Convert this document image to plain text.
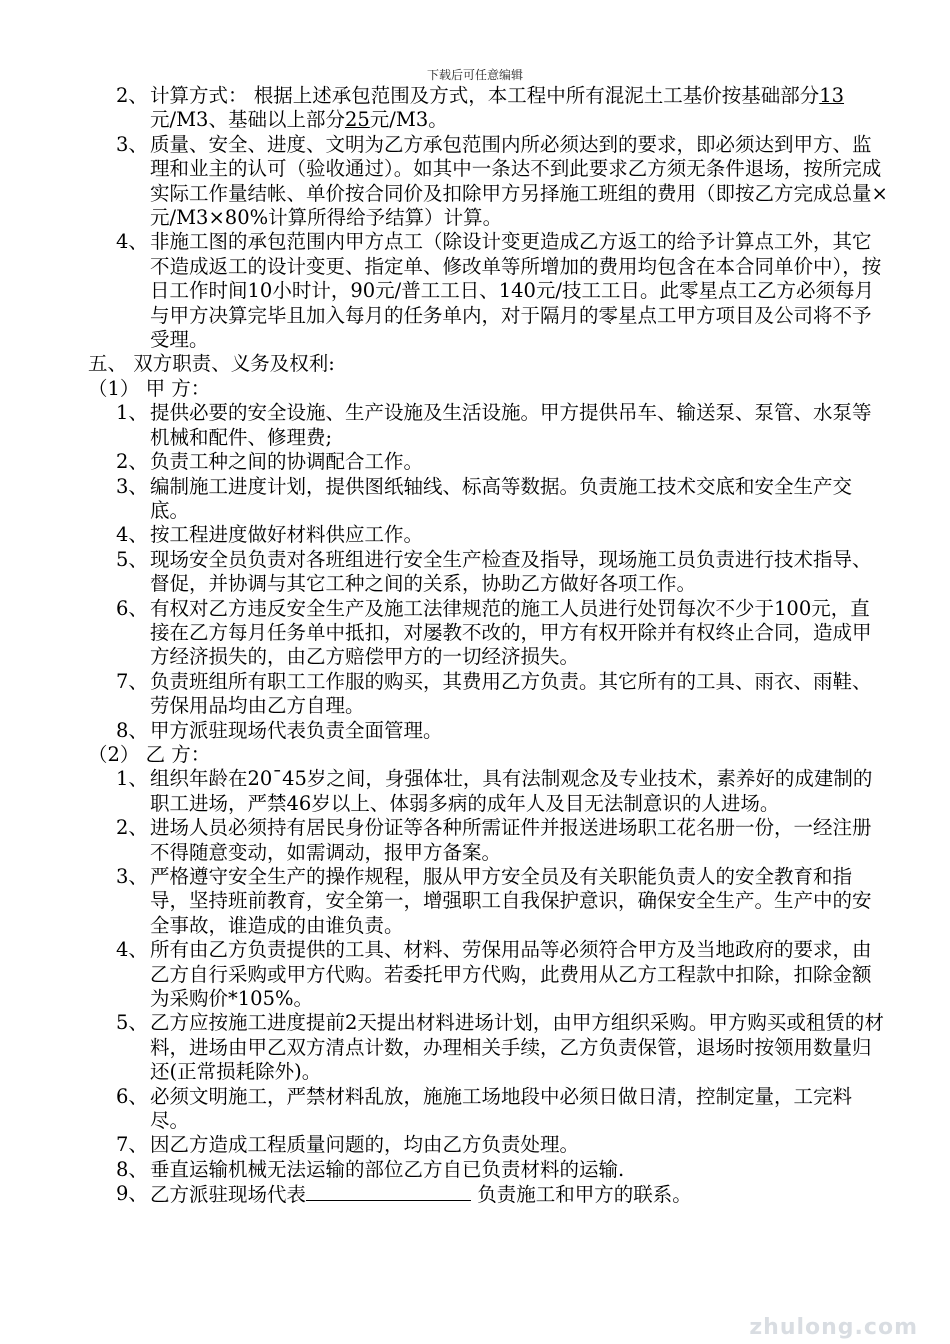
下载后可任意编辑
2、 计算方式： 根据上述承包范围及方式，本工程中所有混泥土工基价按基础部分13元/M3、基础以上部分25元/M3。
3、 质量、安全、进度、文明为乙方承包范围内所必须达到的要求，即必须达到甲方、监理和业主的认可（验收通过）。如其中一条达不到此要求乙方须无条件退场，按所完成实际工作量结帐、单价按合同价及扣除甲方另择施工班组的费用（即按乙方完成总量× 元/M3×80%计算所得给予结算）计算。
4、 非施工图的承包范围内甲方点工（除设计变更造成乙方返工的给予计算点工外，其它不造成返工的设计变更、指定单、修改单等所增加的费用均包含在本合同单价中），按日工作时间10小时计，90元/普工工日、140元/技工工日。此零星点工乙方必须每月与甲方决算完毕且加入每月的任务单内，对于隔月的零星点工甲方项目及公司将不予受理。
五、 双方职责、义务及权利:
（1） 甲 方：
1、 提供必要的安全设施、生产设施及生活设施。甲方提供吊车、输送泵、泵管、水泵等机械和配件、修理费;
2、 负责工种之间的协调配合工作。
3、 编制施工进度计划，提供图纸轴线、标高等数据。负责施工技术交底和安全生产交底。
4、 按工程进度做好材料供应工作。
5、 现场安全员负责对各班组进行安全生产检查及指导，现场施工员负责进行技术指导、督促，并协调与其它工种之间的关系，协助乙方做好各项工作。
6、 有权对乙方违反安全生产及施工法律规范的施工人员进行处罚每次不少于100元，直接在乙方每月任务单中抵扣，对屡教不改的，甲方有权开除并有权终止合同，造成甲方经济损失的，由乙方赔偿甲方的一切经济损失。
7、 负责班组所有职工工作服的购买，其费用乙方负责。其它所有的工具、雨衣、雨鞋、劳保用品均由乙方自理。
8、 甲方派驻现场代表负责全面管理。
（2） 乙 方：
1、 组织年龄在20¯45岁之间，身强体壮，具有法制观念及专业技术，素养好的成建制的职工进场，严禁46岁以上、体弱多病的成年人及目无法制意识的人进场。
2、 进场人员必须持有居民身份证等各种所需证件并报送进场职工花名册一份，一经注册不得随意变动，如需调动，报甲方备案。
3、 严格遵守安全生产的操作规程，服从甲方安全员及有关职能负责人的安全教育和指导，坚持班前教育，安全第一，增强职工自我保护意识，确保安全生产。生产中的安全事故，谁造成的由谁负责。
4、 所有由乙方负责提供的工具、材料、劳保用品等必须符合甲方及当地政府的要求，由乙方自行采购或甲方代购。若委托甲方代购，此费用从乙方工程款中扣除，扣除金额为采购价*105%。
5、 乙方应按施工进度提前2天提出材料进场计划，由甲方组织采购。甲方购买或租赁的材料，进场由甲乙双方清点计数，办理相关手续，乙方负责保管，退场时按领用数量归还(正常损耗除外)。
6、 必须文明施工，严禁材料乱放，施施工场地段中必须日做日清，控制定量，工完料尽。
7、 因乙方造成工程质量问题的，均由乙方负责处理。
8、 垂直运输机械无法运输的部位乙方自已负责材料的运输.
9、 乙方派驻现场代表	负责施工和甲方的联系。
zhulong.com
